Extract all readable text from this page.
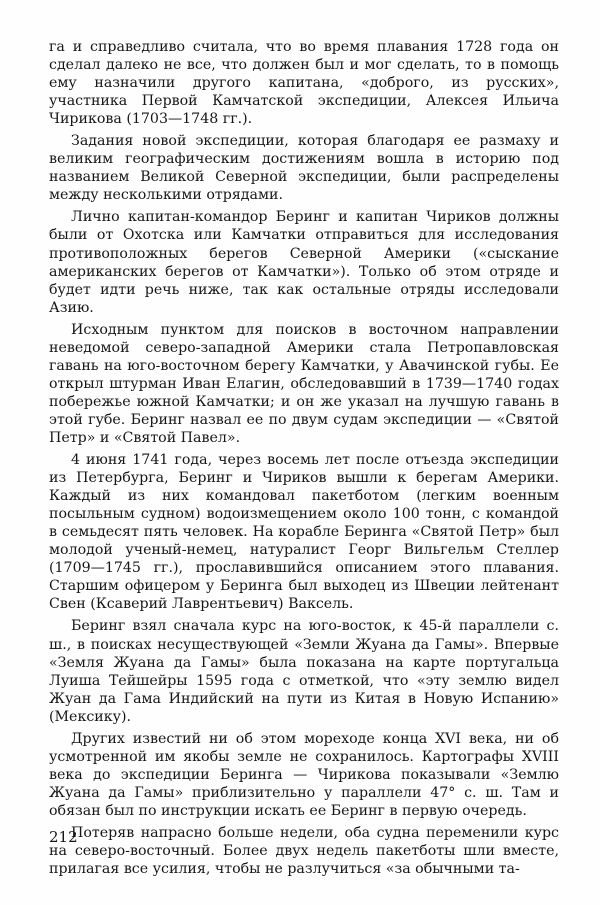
га и справедливо считала, что во время плавания 1728 года он сделал далеко не все, что должен был и мог сделать, то в помощь ему назначили другого капитана, «доброго, из русских», участника Первой Камчатской экспедиции, Алексея Ильича Чирикова (1703—1748 гг.).

Задания новой экспедиции, которая благодаря ее размаху и великим географическим достижениям вошла в историю под названием Великой Северной экспедиции, были распределены между несколькими отрядами.

Лично капитан-командор Беринг и капитан Чириков должны были от Охотска или Камчатки отправиться для исследования противоположных берегов Северной Америки («сыскание американских берегов от Камчатки»). Только об этом отряде и будет идти речь ниже, так как остальные отряды исследовали Азию.

Исходным пунктом для поисков в восточном направлении неведомой северо-западной Америки стала Петропавловская гавань на юго-восточном берегу Камчатки, у Авачинской губы. Ее открыл штурман Иван Елагин, обследовавший в 1739—1740 годах побережье южной Камчатки; и он же указал на лучшую гавань в этой губе. Беринг назвал ее по двум судам экспедиции — «Святой Петр» и «Святой Павел».

4 июня 1741 года, через восемь лет после отъезда экспедиции из Петербурга, Беринг и Чириков вышли к берегам Америки. Каждый из них командовал пакетботом (легким военным посыльным судном) водоизмещением около 100 тонн, с командой в семьдесят пять человек. На корабле Беринга «Святой Петр» был молодой ученый-немец, натуралист Георг Вильгельм Стеллер (1709—1745 гг.), прославившийся описанием этого плавания. Старшим офицером у Беринга был выходец из Швеции лейтенант Свен (Ксаверий Лаврентьевич) Ваксель.

Беринг взял сначала курс на юго-восток, к 45-й параллели с. ш., в поисках несуществующей «Земли Жуана да Гамы». Впервые «Земля Жуана да Гамы» была показана на карте португальца Луиша Тейшейры 1595 года с отметкой, что «эту землю видел Жуан да Гама Индийский на пути из Китая в Новую Испанию» (Мексику).

Других известий ни об этом мореходе конца XVI века, ни об усмотренной им якобы земле не сохранилось. Картографы XVIII века до экспедиции Беринга — Чирикова показывали «Землю Жуана да Гамы» приблизительно у параллели 47° с. ш. Там и обязан был по инструкции искать ее Беринг в первую очередь.

Потеряв напрасно больше недели, оба судна переменили курс на северо-восточный. Более двух недель пакетботы шли вместе, прилагая все усилия, чтобы не разлучиться «за обычными та-

212
